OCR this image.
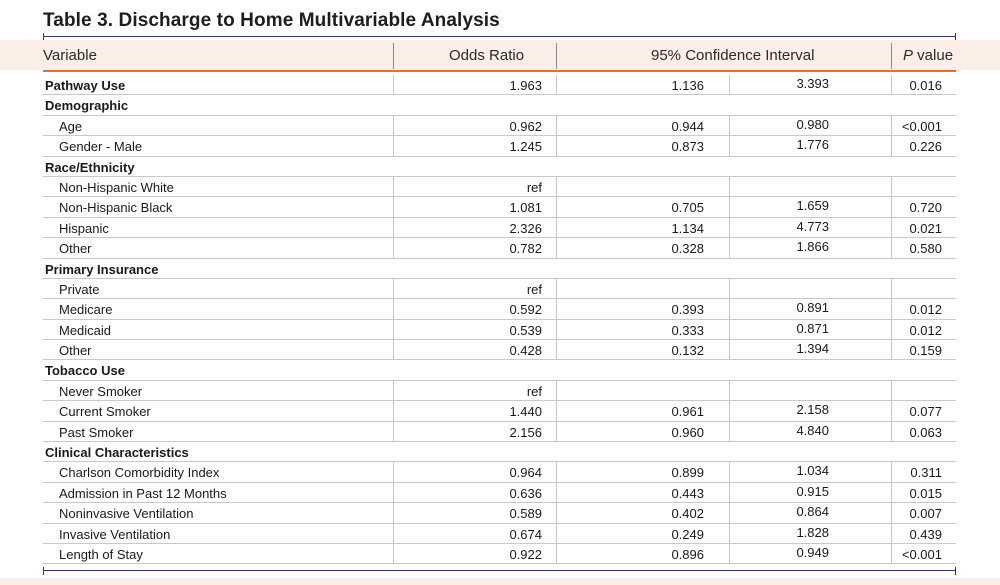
Table 3. Discharge to Home Multivariable Analysis
Variable	Odds Ratio	95% Confidence Interval	P value
Pathway Use	1.963	1.136	3.393	0.016
Demographic
Age	0.962	0.944	0.980	<0.001
Gender - Male	1.245	0.873	1.776	0.226
Race/Ethnicity
Non-Hispanic White	ref
Non-Hispanic Black	1.081	0.705	1.659	0.720
Hispanic	2.326	1.134	4.773	0.021
Other	0.782	0.328	1.866	0.580
Primary Insurance
Private	ref
Medicare	0.592	0.393	0.891	0.012
Medicaid	0.539	0.333	0.871	0.012
Other	0.428	0.132	1.394	0.159
Tobacco Use
Never Smoker	ref
Current Smoker	1.440	0.961	2.158	0.077
Past Smoker	2.156	0.960	4.840	0.063
Clinical Characteristics
Charlson Comorbidity Index	0.964	0.899	1.034	0.311
Admission in Past 12 Months	0.636	0.443	0.915	0.015
Noninvasive Ventilation	0.589	0.402	0.864	0.007
Invasive Ventilation	0.674	0.249	1.828	0.439
Length of Stay	0.922	0.896	0.949	<0.001
